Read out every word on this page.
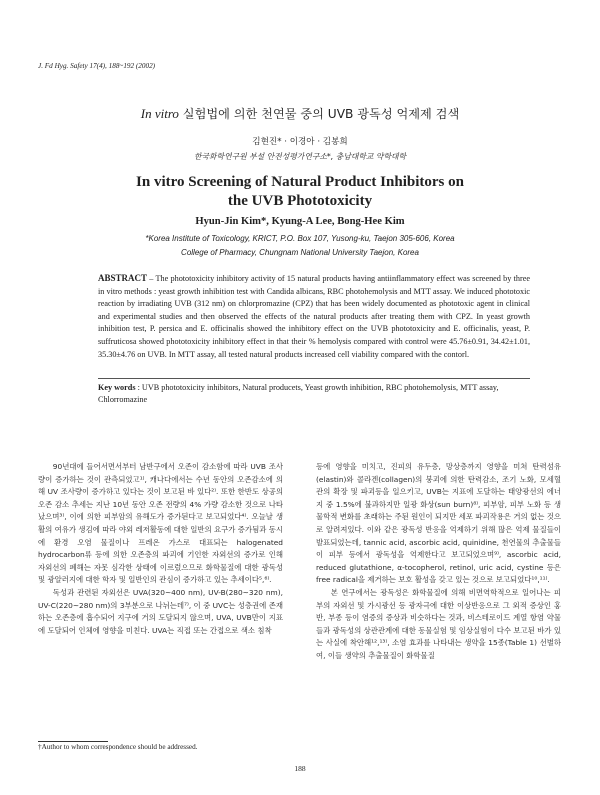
J. Fd Hyg. Safety 17(4), 188~192 (2002)
In vitro 실험법에 의한 천연물 중의 UVB 광독성 억제제 검색
김현진* · 이경아 · 김봉희
한국화학연구원 부설 안전성평가연구소*, 충남대학교 약학대학
In vitro Screening of Natural Product Inhibitors on
the UVB Phototoxicity
Hyun-Jin Kim*, Kyung-A Lee, Bong-Hee Kim
*Korea Institute of Toxicology, KRICT, P.O. Box 107, Yusong-ku, Taejon 305-606, Korea
College of Pharmacy, Chungnam National University Taejon, Korea
ABSTRACT – The phototoxicity inhibitory activity of 15 natural products having antiinflammatory effect was screened by three in vitro methods : yeast growth inhibition test with Candida albicans, RBC photohemolysis and MTT assay. We induced phototoxic reaction by irradiating UVB (312 nm) on chlorpromazine (CPZ) that has been widely documented as phototoxic agent in clinical and experimental studies and then observed the effects of the natural products after treating them with CPZ. In yeast growth inhibition test, P. persica and E. officinalis showed the inhibitory effect on the UVB phototoxicity and E. officinalis, yeast, P. suffruticosa showed phototoxicity inhibitory effect in that their % hemolysis compared with control were 45.76±0.91, 34.42±1.01, 35.30±4.76 on UVB. In MTT assay, all tested natural products increased cell viability compared with the contorl.
Key words : UVB phototoxicity inhibitors, Natural producets, Yeast growth inhibition, RBC photohemolysis, MTT assay, Chlorromazine

90년대에 들어서면서부터 남반구에서 오존이 감소함에 따라 UVB 조사량이 증가하는 것이 관측되었고¹⁾, 캐나다에서는 수년 동안의 오존감소에 의해 UV 조사량이 증가하고 있다는 것이 보고된 바 있다²⁾. 또한 한반도 상공의 오존 감소 추세는 지난 10년 동안 오존 전량의 4% 가량 감소한 것으로 나타났으며³⁾, 이에 의한 피부암의 유해도가 증가된다고 보고되었다⁴⁾. 오늘날 생활의 여유가 생김에 따라 야외 레저활동에 대한 일반의 요구가 증가됨과 동시에 환경 오염 물질이나 프레온 가스로 대표되는 halogenated hydrocarbon류 등에 의한 오존층의 파괴에 기인한 자외선의 증가로 인해 자외선의 폐해는 자못 심각한 상태에 이르렀으므로 화학물질에 대한 광독성 및 광알러지에 대한 학자 및 일반인의 관심이 증가하고 있는 추세이다⁵,⁶⁾.

독성과 관련된 자외선은 UVA(320~400 nm), UV-B(280~320 nm), UV-C(220~280 nm)의 3부분으로 나뉘는데⁷⁾, 이 중 UVC는 성층권에 존재하는 오존층에 흡수되어 지구에 거의 도달되지 않으며, UVA, UVB만이 지표에 도달되어 인체에 영향을 미친다. UVA는 직접 또는 간접으로 색소 침착

등에 영향을 미치고, 진피의 유두층, 망상층까지 영향을 미쳐 탄력섬유(elastin)와 콜라겐(collagen)의 붕괴에 의한 탄력감소, 조기 노화, 모세혈관의 확장 및 파괴등을 일으키고, UVB는 지표에 도달하는 태양광선의 에너지 중 1.5%에 불과하지만 일광 화상(sun burn)⁸⁾, 피부암, 피부 노화 등 생물학적 변화를 초래하는 주된 원인이 되지만 세포 파괴작용은 거의 없는 것으로 알려져있다. 이와 같은 광독성 반응을 억제하기 위해 많은 억제 물질들이 발표되었는데, tannic acid, ascorbic acid, quinidine, 천연물의 추출물들이 피부 등에서 광독성을 억제한다고 보고되었으며⁹⁾, ascorbic acid, reduced glutathione, α-tocopherol, retinol, uric acid, cystine 등은 free radical을 제거하는 보호 활성을 갖고 있는 것으로 보고되었다¹⁰,¹¹⁾.

본 연구에서는 광독성은 화학물질에 의해 비면역학적으로 일어나는 피부의 자외선 및 가시광선 등 광자극에 대한 이상반응으로 그 외적 증상인 홍반, 부종 등이 염증의 증상과 비슷하다는 것과, 비스테로이드 계열 항염 약물들과 광독성의 상관관계에 대한 동물실험 및 임상실험이 다수 보고된 바가 있는 사실에 착안해¹²,¹³⁾, 소염 효과를 나타내는 생약을 15종(Table 1) 선별하여, 이들 생약의 추출물질이 화학물질

†Author to whom correspondence should be addressed.
188
